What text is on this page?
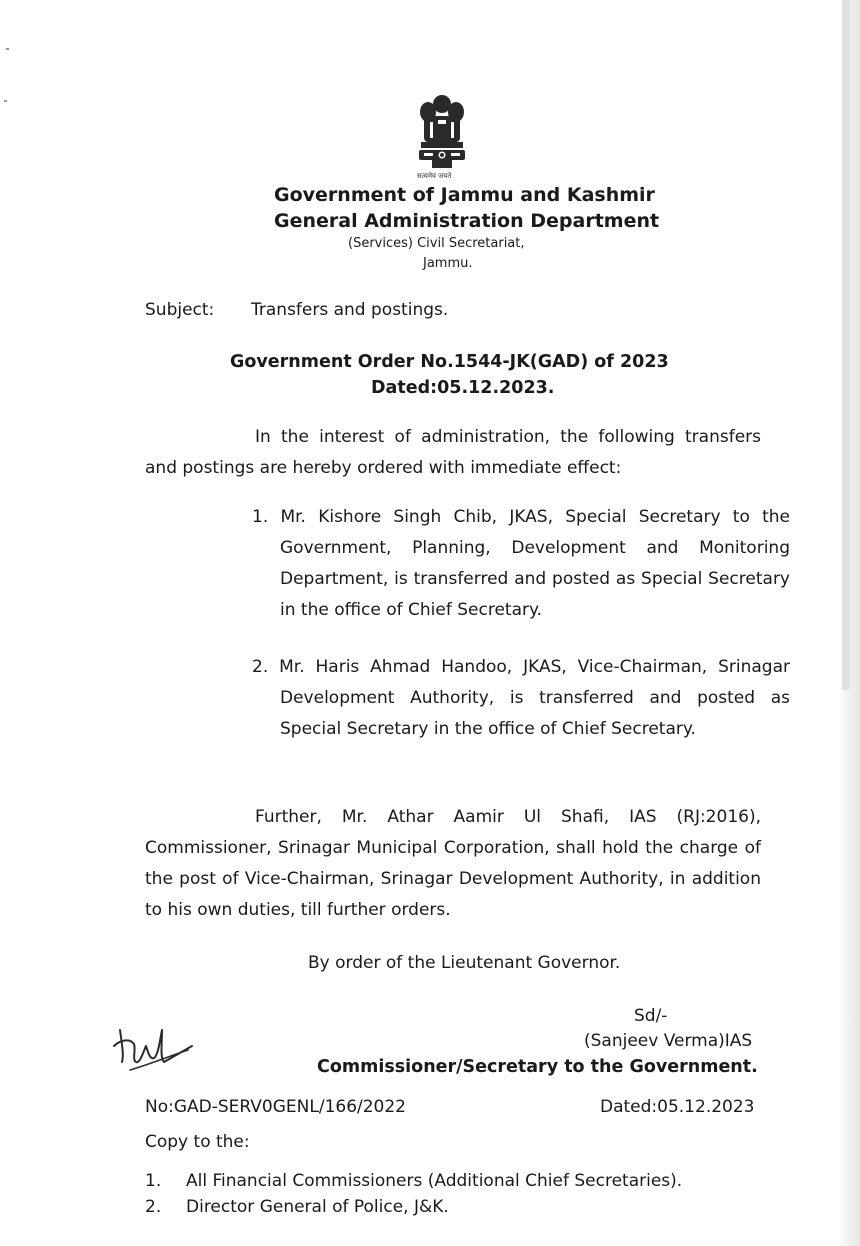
सत्यमेव जयते
Government of Jammu and Kashmir
General Administration Department
(Services) Civil Secretariat,
Jammu.
Subject: Transfers and postings.
Government Order No.1544-JK(GAD) of 2023
Dated:05.12.2023.

In the interest of administration, the following transfers and postings are hereby ordered with immediate effect:

1. Mr. Kishore Singh Chib, JKAS, Special Secretary to the Government, Planning, Development and Monitoring Department, is transferred and posted as Special Secretary in the office of Chief Secretary.

2. Mr. Haris Ahmad Handoo, JKAS, Vice-Chairman, Srinagar Development Authority, is transferred and posted as Special Secretary in the office of Chief Secretary.

Further, Mr. Athar Aamir Ul Shafi, IAS (RJ:2016), Commissioner, Srinagar Municipal Corporation, shall hold the charge of the post of Vice-Chairman, Srinagar Development Authority, in addition to his own duties, till further orders.

By order of the Lieutenant Governor.
Sd/-
(Sanjeev Verma)IAS
Commissioner/Secretary to the Government.
No:GAD-SERV0GENL/166/2022	Dated:05.12.2023
Copy to the:
1. All Financial Commissioners (Additional Chief Secretaries).
2. Director General of Police, J&K.
